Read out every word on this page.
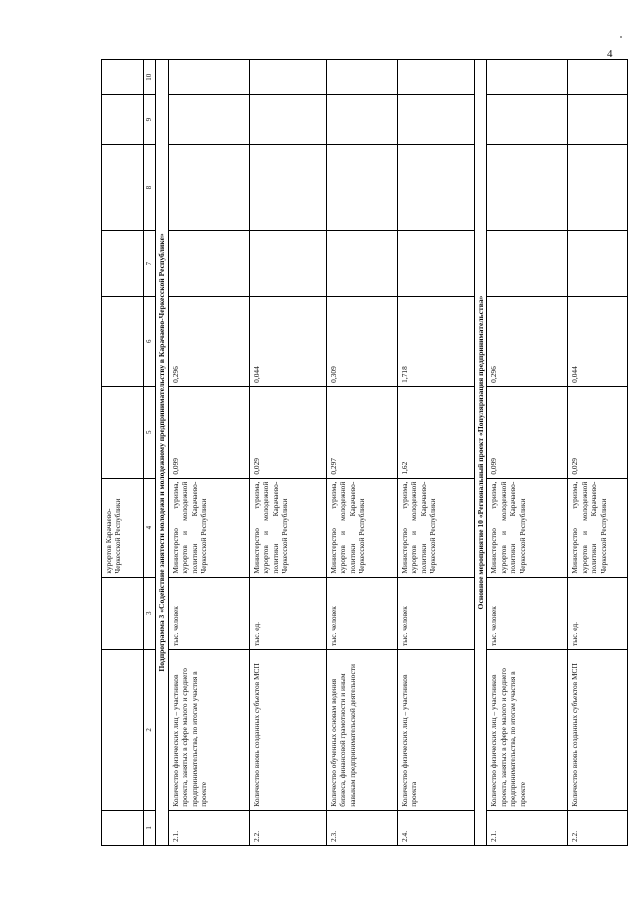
4
			курортов Карачаево-Черкесской Республики						
1	2	3	4	5	6	7	8	9	10
Подпрограмма 3 «Содействие занятости молодежи и молодежному предпринимательству в Карачаево-Черкесской Республике»									
2.1.	Количество физических лиц – участников проекта, занятых в сфере малого и среднего предпринимательства, по итогам участия в проекте	тыс. человек	Министерство туризма, курортов и молодежной политики Карачаево-Черкесской Республики	0,099	0,296				
2.2.	Количество вновь созданных субъектов МСП	тыс. ед.	Министерство туризма, курортов и молодежной политики Карачаево-Черкесской Республики	0,029	0,044				
2.3.	Количество обученных основам ведения бизнеса, финансовой грамотности и иным навыкам предпринимательской деятельности	тыс. человек	Министерство туризма, курортов и молодежной политики Карачаево-Черкесской Республики	0,297	0,309				
2.4.	Количество физических лиц – участников проекта	тыс. человек	Министерство туризма, курортов и молодежной политики Карачаево-Черкесской Республики	1,62	1,718				
Основное мероприятие 10 «Региональный проект «Популяризация предпринимательства»									
2.1.	Количество физических лиц – участников проекта, занятых в сфере малого и среднего предпринимательства, по итогам участия в проекте	тыс. человек	Министерство туризма, курортов и молодежной политики Карачаево-Черкесской Республики	0,099	0,296				
2.2.	Количество вновь созданных субъектов МСП	тыс. ед.	Министерство туризма, курортов и молодежной политики Карачаево-Черкесской Республики	0,029	0,044				
